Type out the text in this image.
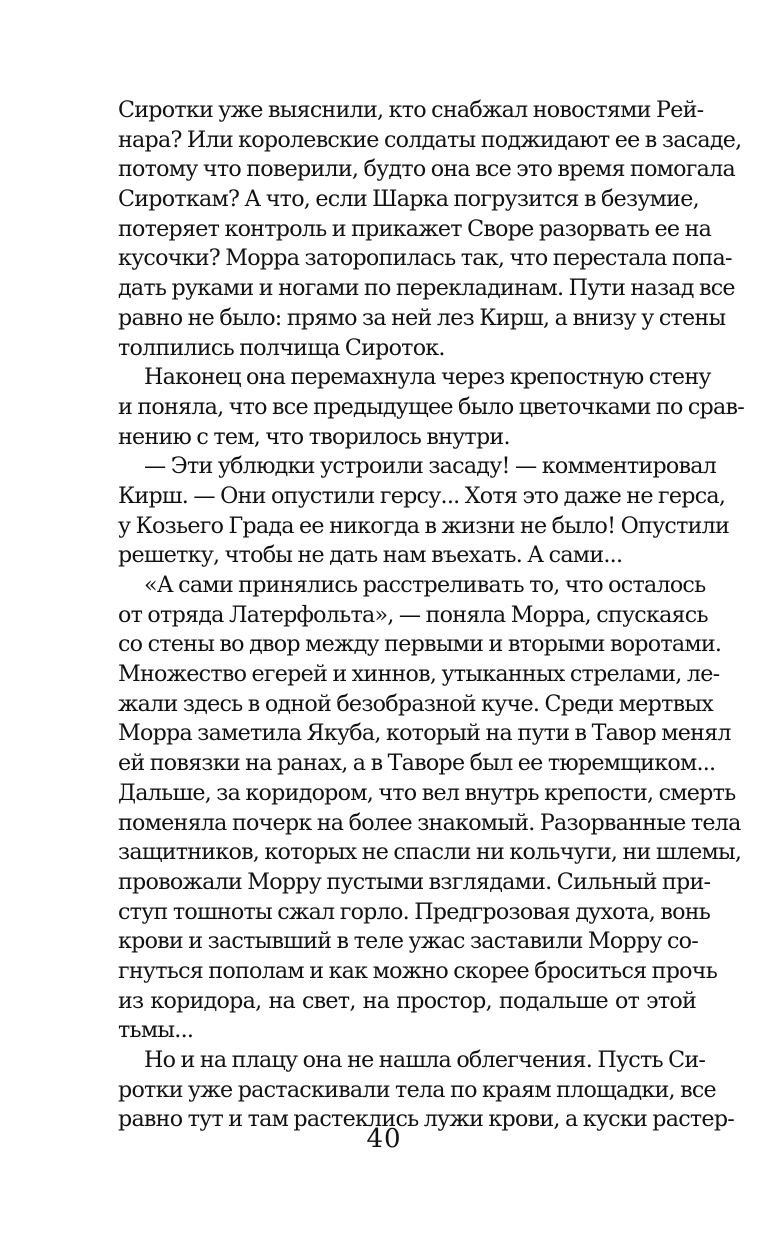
Сиротки уже выяснили, кто снабжал новостями Рей-
нара? Или королевские солдаты поджидают ее в засаде,
потому что поверили, будто она все это время помогала
Сироткам? А что, если Шарка погрузится в безумие,
потеряет контроль и прикажет Своре разорвать ее на
кусочки? Морра заторопилась так, что перестала попа-
дать руками и ногами по перекладинам. Пути назад все
равно не было: прямо за ней лез Кирш, а внизу у стены
толпились полчища Сироток.
Наконец она перемахнула через крепостную стену
и поняла, что все предыдущее было цветочками по срав-
нению с тем, что творилось внутри.
— Эти ублюдки устроили засаду! — комментировал
Кирш. — Они опустили герсу... Хотя это даже не герса,
у Козьего Града ее никогда в жизни не было! Опустили
решетку, чтобы не дать нам въехать. А сами...
«А сами принялись расстреливать то, что осталось
от отряда Латерфольта», — поняла Морра, спускаясь
со стены во двор между первыми и вторыми воротами.
Множество егерей и хиннов, утыканных стрелами, ле-
жали здесь в одной безобразной куче. Среди мертвых
Морра заметила Якуба, который на пути в Тавор менял
ей повязки на ранах, а в Таворе был ее тюремщиком...
Дальше, за коридором, что вел внутрь крепости, смерть
поменяла почерк на более знакомый. Разорванные тела
защитников, которых не спасли ни кольчуги, ни шлемы,
провожали Морру пустыми взглядами. Сильный при-
ступ тошноты сжал горло. Предгрозовая духота, вонь
крови и застывший в теле ужас заставили Морру со-
гнуться пополам и как можно скорее броситься прочь
из коридора, на свет, на простор, подальше от этой
тьмы...
Но и на плацу она не нашла облегчения. Пусть Си-
ротки уже растаскивали тела по краям площадки, все
равно тут и там растеклись лужи крови, а куски растер-
40
